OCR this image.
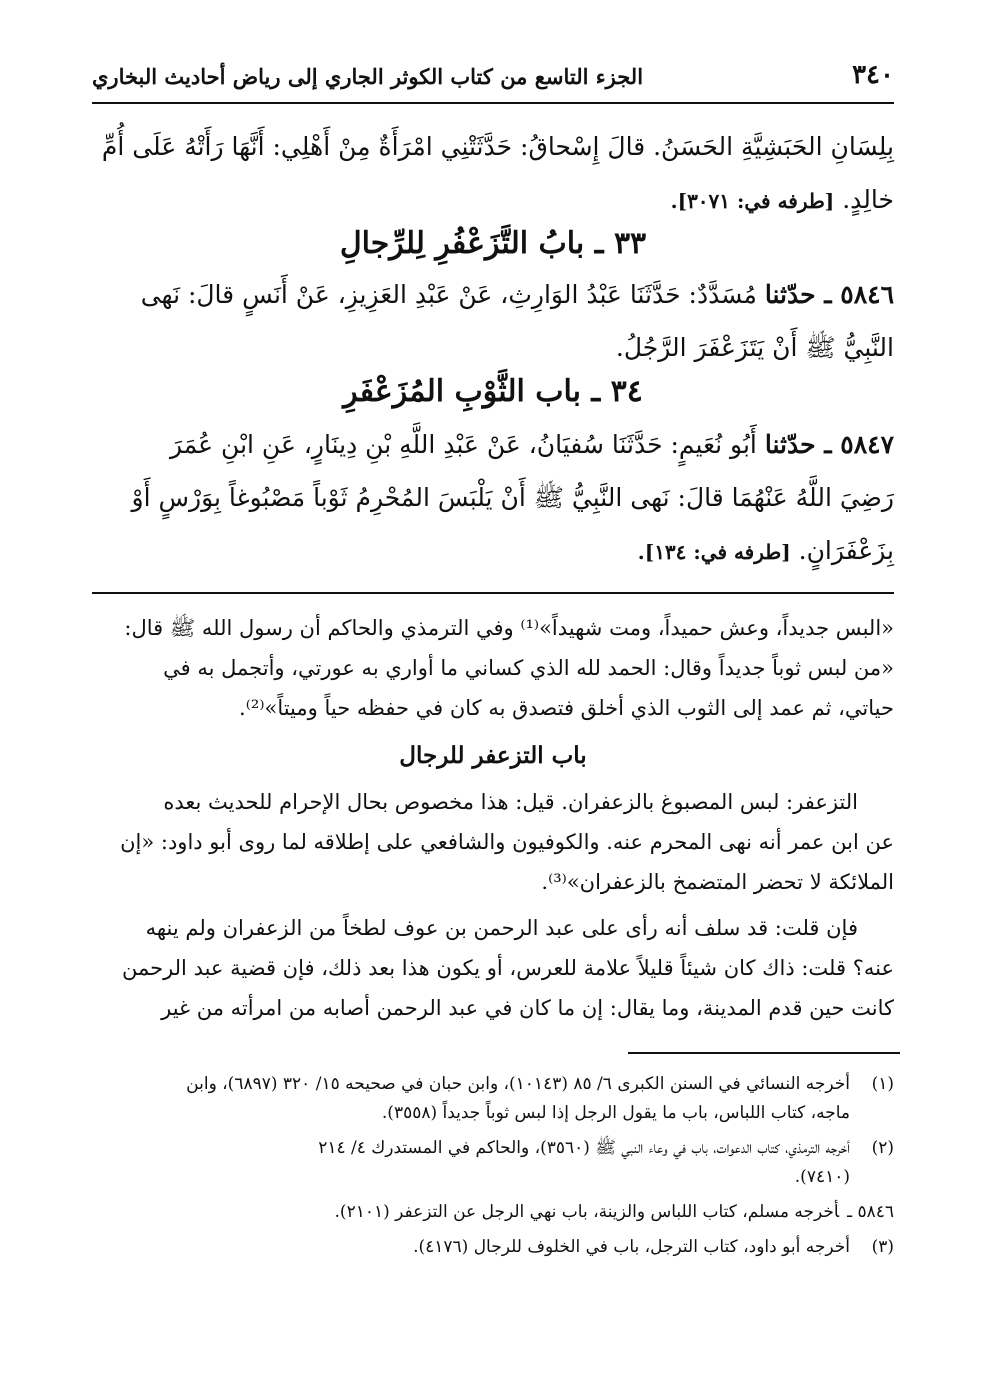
٣٤٠
الجزء التاسع من كتاب الكوثر الجاري إلى رياض أحاديث البخاري
بِلِسَانِ الحَبَشِيَّةِ الحَسَنُ. قالَ إِسْحاقُ: حَدَّثَتْنِي امْرَأَةٌ مِنْ أَهْلِي: أَنَّهَا رَأَتْهُ عَلَى أُمِّ
خالِدٍ. [طرفه في: ٣٠٧١].
٣٣ ـ بابُ التَّزَعْفُرِ لِلرِّجالِ
٥٨٤٦ ـ حدّثنا مُسَدَّدٌ: حَدَّثَنَا عَبْدُ الوَارِثِ، عَنْ عَبْدِ العَزِيزِ، عَنْ أَنَسٍ قالَ: نَهى
النَّبِيُّ ﷺ أَنْ يَتَزَعْفَرَ الرَّجُلُ.
٣٤ ـ باب الثَّوْبِ المُزَعْفَرِ
٥٨٤٧ ـ حدّثنا أَبُو نُعَيمٍ: حَدَّثَنَا سُفيَانُ، عَنْ عَبْدِ اللَّهِ بْنِ دِينَارٍ، عَنِ ابْنِ عُمَرَ
رَضِيَ اللَّهُ عَنْهُمَا قالَ: نَهى النَّبِيُّ ﷺ أَنْ يَلْبَسَ المُحْرِمُ ثَوْباً مَصْبُوغاً بِوَرْسٍ أَوْ
بِزَعْفَرَانٍ. [طرفه في: ١٣٤].
«البس جديداً، وعش حميداً، ومت شهيداً»⁽¹⁾ وفي الترمذي والحاكم أن رسول الله ﷺ قال:
«من لبس ثوباً جديداً وقال: الحمد لله الذي كساني ما أواري به عورتي، وأتجمل به في
حياتي، ثم عمد إلى الثوب الذي أخلق فتصدق به كان في حفظه حياً وميتاً»⁽²⁾.
باب التزعفر للرجال
التزعفر: لبس المصبوغ بالزعفران. قيل: هذا مخصوص بحال الإحرام للحديث بعده
عن ابن عمر أنه نهى المحرم عنه. والكوفيون والشافعي على إطلاقه لما روى أبو داود: «إن
الملائكة لا تحضر المتضمخ بالزعفران»⁽³⁾.
فإن قلت: قد سلف أنه رأى على عبد الرحمن بن عوف لطخاً من الزعفران ولم ينهه
عنه؟ قلت: ذاك كان شيئاً قليلاً علامة للعرس، أو يكون هذا بعد ذلك، فإن قضية عبد الرحمن
كانت حين قدم المدينة، وما يقال: إن ما كان في عبد الرحمن أصابه من امرأته من غير
(١)أخرجه النسائي في السنن الكبرى ٦/ ٨٥ (١٠١٤٣)، وابن حبان في صحيحه ١٥/ ٣٢٠ (٦٨٩٧)، وابن
ماجه، كتاب اللباس، باب ما يقول الرجل إذا لبس ثوباً جديداً (٣٥٥٨).
(٢)أخرجه الترمذي، كتاب الدعوات، باب في وعاء النبي ﷺ (٣٥٦٠)، والحاكم في المستدرك ٤/ ٢١٤
(٧٤١٠).
٥٨٤٦ ـأخرجه مسلم، كتاب اللباس والزينة، باب نهي الرجل عن التزعفر (٢١٠١).
(٣)أخرجه أبو داود، كتاب الترجل، باب في الخلوف للرجال (٤١٧٦).
